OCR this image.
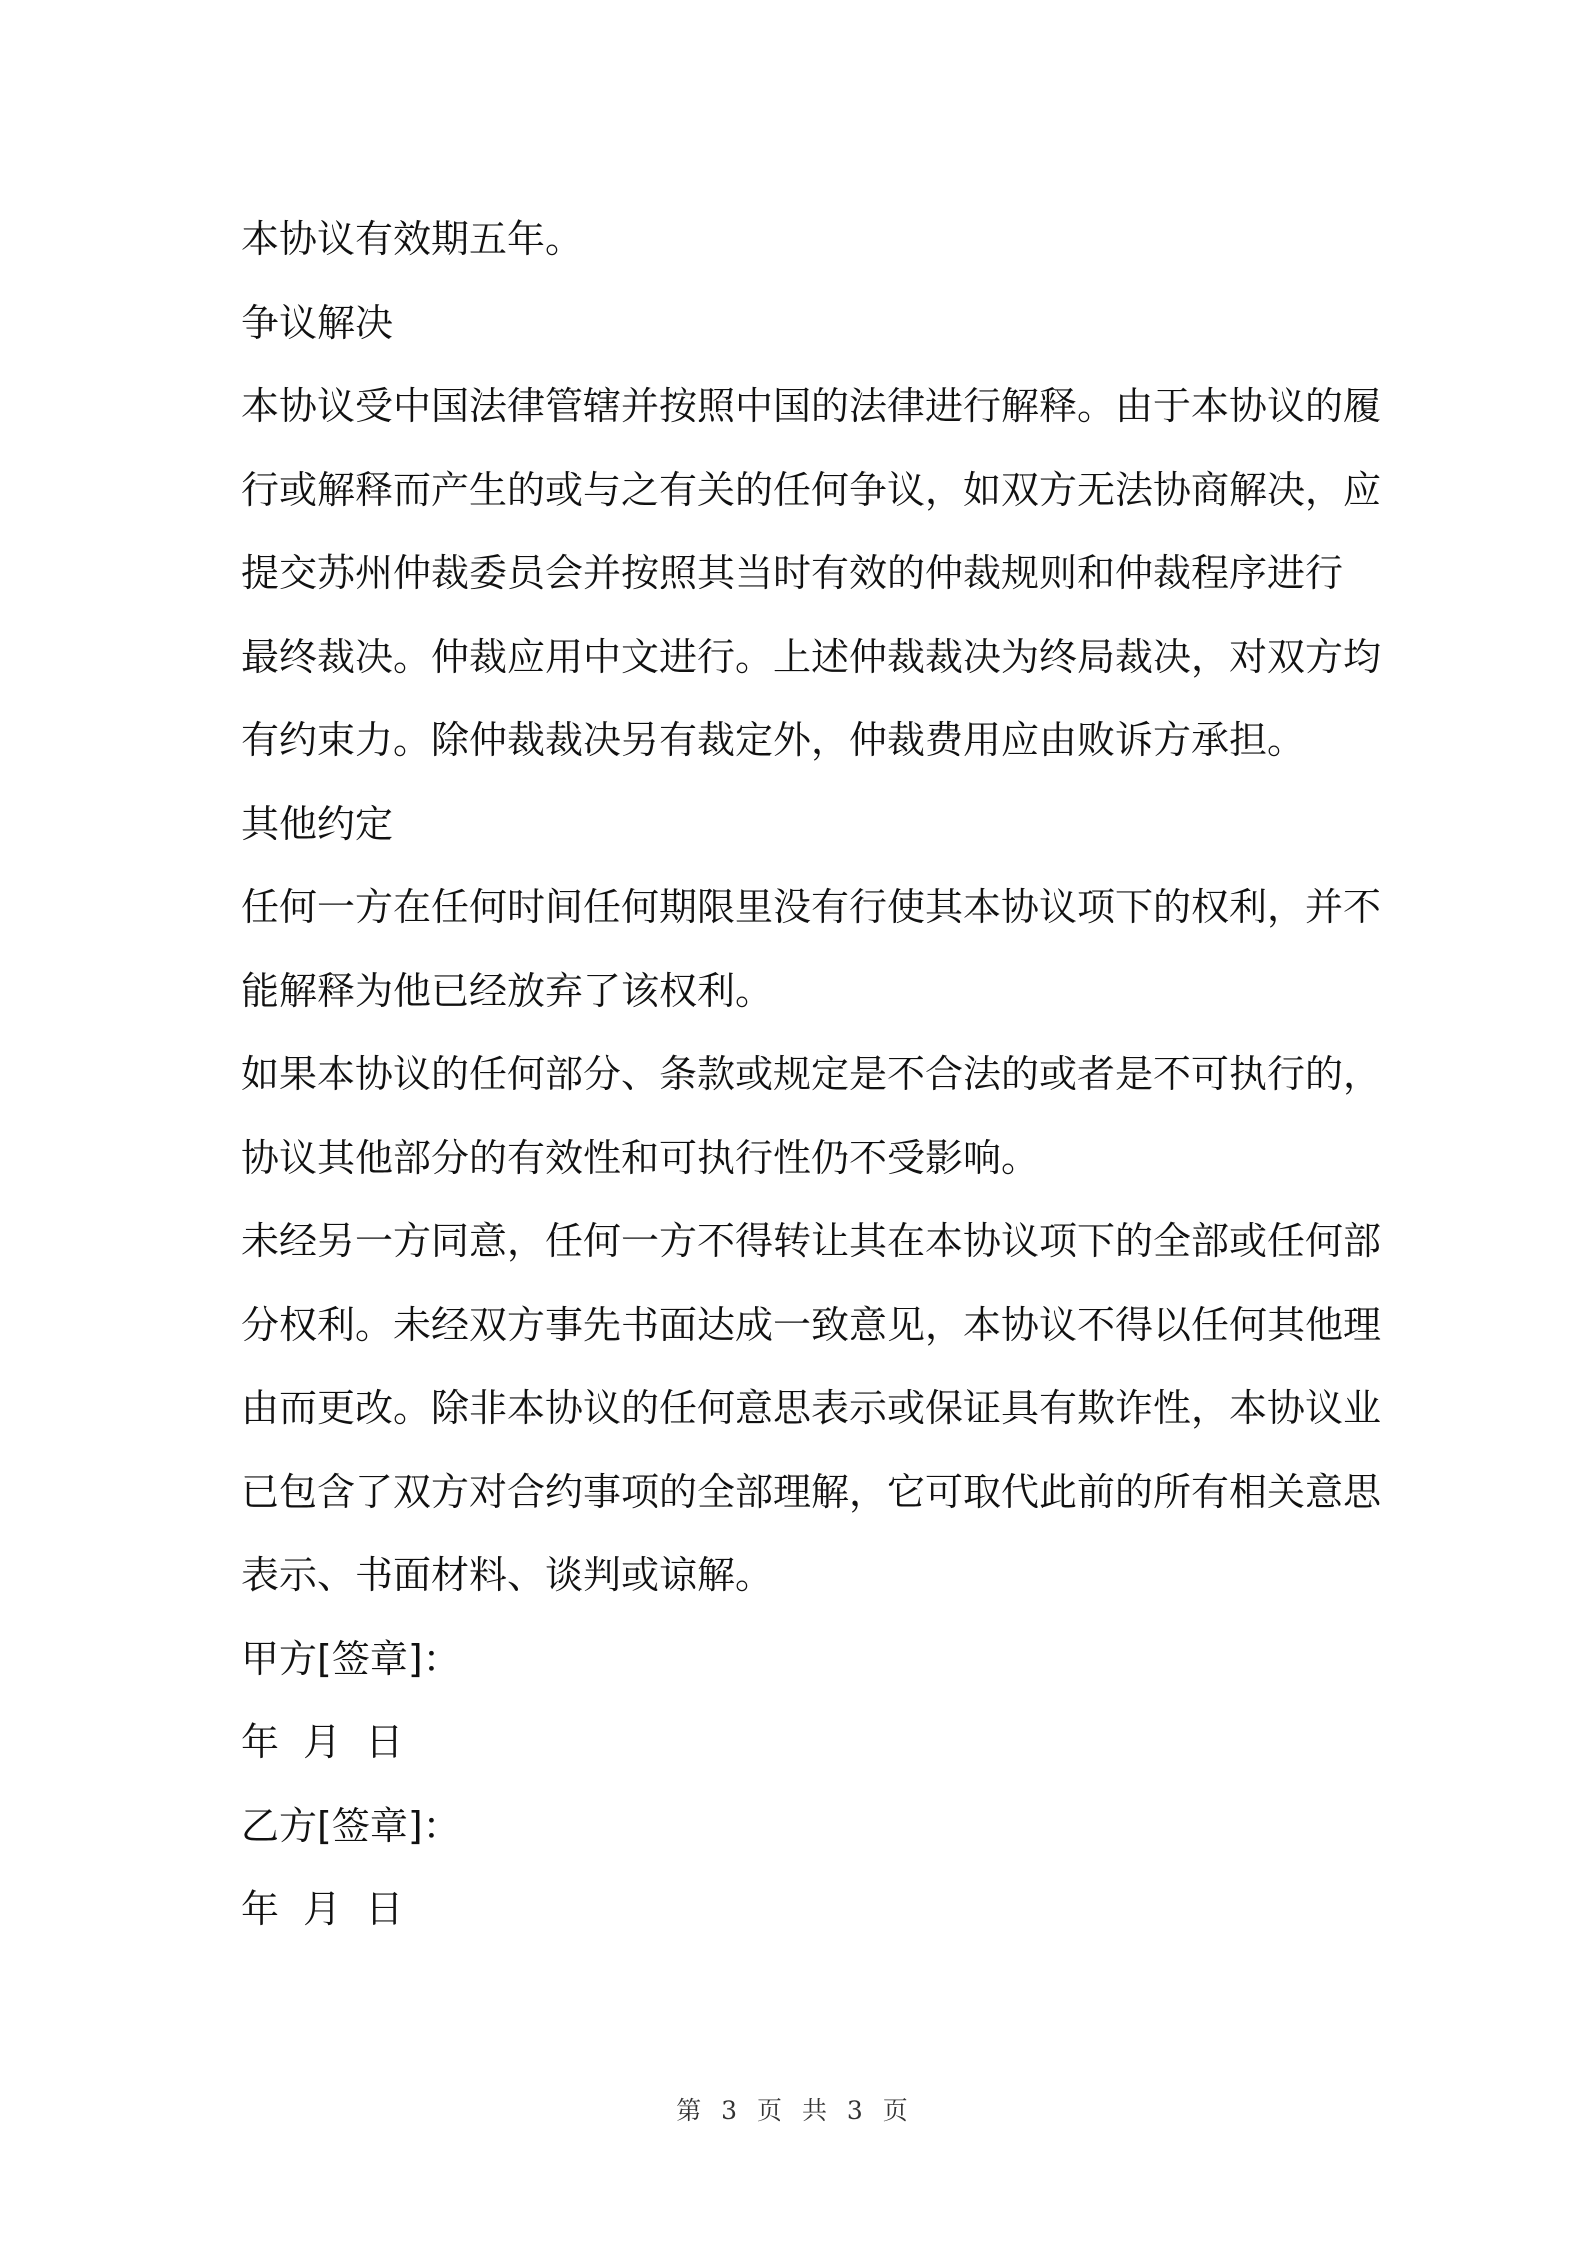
本协议有效期五年。
争议解决
本协议受中国法律管辖并按照中国的法律进行解释。由于本协议的履
行或解释而产生的或与之有关的任何争议，如双方无法协商解决，应
提交苏州仲裁委员会并按照其当时有效的仲裁规则和仲裁程序进行
最终裁决。仲裁应用中文进行。上述仲裁裁决为终局裁决，对双方均
有约束力。除仲裁裁决另有裁定外，仲裁费用应由败诉方承担。
其他约定
任何一方在任何时间任何期限里没有行使其本协议项下的权利，并不
能解释为他已经放弃了该权利。
如果本协议的任何部分、条款或规定是不合法的或者是不可执行的，
协议其他部分的有效性和可执行性仍不受影响。
未经另一方同意，任何一方不得转让其在本协议项下的全部或任何部
分权利。未经双方事先书面达成一致意见，本协议不得以任何其他理
由而更改。除非本协议的任何意思表示或保证具有欺诈性，本协议业
已包含了双方对合约事项的全部理解，它可取代此前的所有相关意思
表示、书面材料、谈判或谅解。
甲方[签章]：
年  月  日
乙方[签章]：
年  月  日
第 3 页 共 3 页
